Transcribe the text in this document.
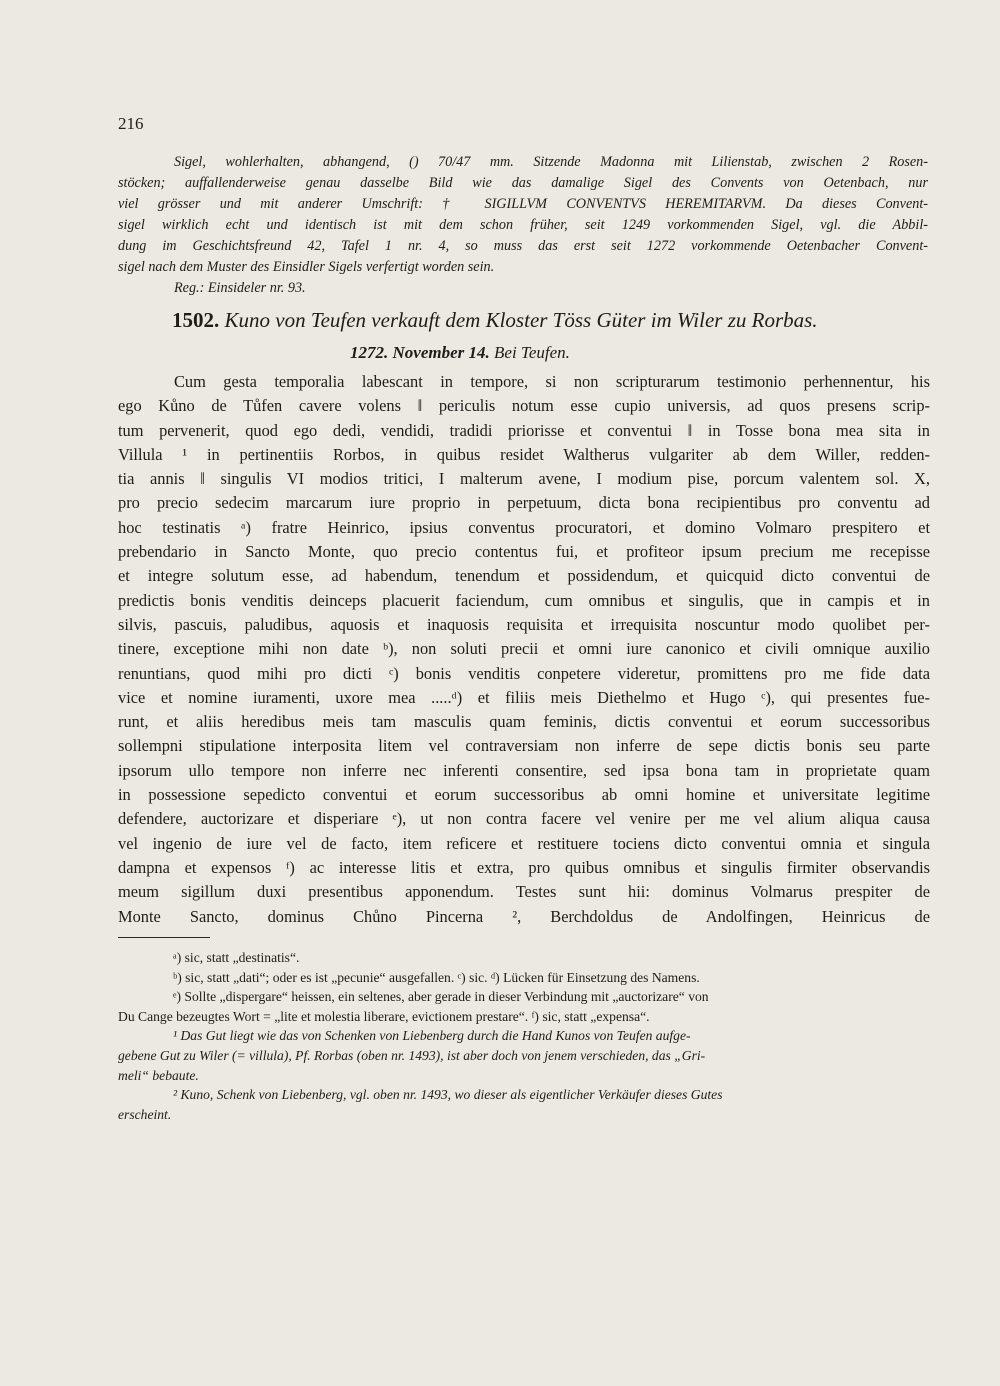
216
Sigel, wohlerhalten, abhangend, () 70/47 mm. Sitzende Madonna mit Lilienstab, zwischen 2 Rosen-
stöcken; auffallenderweise genau dasselbe Bild wie das damalige Sigel des Convents von Oetenbach, nur
viel grösser und mit anderer Umschrift: † SIGILLVM CONVENTVS HEREMITARVM. Da dieses Convent-
sigel wirklich echt und identisch ist mit dem schon früher, seit 1249 vorkommenden Sigel, vgl. die Abbil-
dung im Geschichtsfreund 42, Tafel 1 nr. 4, so muss das erst seit 1272 vorkommende Oetenbacher Convent-
sigel nach dem Muster des Einsidler Sigels verfertigt worden sein.
Reg.: Einsideler nr. 93.
1502. Kuno von Teufen verkauft dem Kloster Töss Güter im Wiler zu Rorbas.
1272. November 14. Bei Teufen.
Cum gesta temporalia labescant in tempore, si non scripturarum testimonio perhennentur, his
ego Kůno de Tůfen cavere volens ‖ periculis notum esse cupio universis, ad quos presens scrip-
tum pervenerit, quod ego dedi, vendidi, tradidi priorisse et conventui ‖ in Tosse bona mea sita in
Villula ¹ in pertinentiis Rorbos, in quibus residet Waltherus vulgariter ab dem Willer, redden-
tia annis ‖ singulis VI modios tritici, I malterum avene, I modium pise, porcum valentem sol. X,
pro precio sedecim marcarum iure proprio in perpetuum, dicta bona recipientibus pro conventu ad
hoc testinatis ᵃ) fratre Heinrico, ipsius conventus procuratori, et domino Volmaro prespitero et
prebendario in Sancto Monte, quo precio contentus fui, et profiteor ipsum precium me recepisse
et integre solutum esse, ad habendum, tenendum et possidendum, et quicquid dicto conventui de
predictis bonis venditis deinceps placuerit faciendum, cum omnibus et singulis, que in campis et in
silvis, pascuis, paludibus, aquosis et inaquosis requisita et irrequisita noscuntur modo quolibet per-
tinere, exceptione mihi non date ᵇ), non soluti precii et omni iure canonico et civili omnique auxilio
renuntians, quod mihi pro dicti ᶜ) bonis venditis conpetere videretur, promittens pro me fide data
vice et nomine iuramenti, uxore mea .....ᵈ) et filiis meis Diethelmo et Hugo ᶜ), qui presentes fue-
runt, et aliis heredibus meis tam masculis quam feminis, dictis conventui et eorum successoribus
sollempni stipulatione interposita litem vel contraversiam non inferre de sepe dictis bonis seu parte
ipsorum ullo tempore non inferre nec inferenti consentire, sed ipsa bona tam in proprietate quam
in possessione sepedicto conventui et eorum successoribus ab omni homine et universitate legitime
defendere, auctorizare et disperiare ᵉ), ut non contra facere vel venire per me vel alium aliqua causa
vel ingenio de iure vel de facto, item reficere et restituere tociens dicto conventui omnia et singula
dampna et expensos ᶠ) ac interesse litis et extra, pro quibus omnibus et singulis firmiter observandis
meum sigillum duxi presentibus apponendum. Testes sunt hii: dominus Volmarus prespiter de
Monte Sancto, dominus Chůno Pincerna ², Berchdoldus de Andolfingen, Heinricus de
ᵃ) sic, statt „destinatis“.
ᵇ) sic, statt „dati“; oder es ist „pecunie“ ausgefallen. ᶜ) sic. ᵈ) Lücken für Einsetzung des Namens.
ᵉ) Sollte „dispergare“ heissen, ein seltenes, aber gerade in dieser Verbindung mit „auctorizare“ von
Du Cange bezeugtes Wort = „lite et molestia liberare, evictionem prestare“. ᶠ) sic, statt „expensa“.
¹ Das Gut liegt wie das von Schenken von Liebenberg durch die Hand Kunos von Teufen aufge-
gebene Gut zu Wiler (= villula), Pf. Rorbas (oben nr. 1493), ist aber doch von jenem verschieden, das „Gri-
meli“ bebaute.
² Kuno, Schenk von Liebenberg, vgl. oben nr. 1493, wo dieser als eigentlicher Verkäufer dieses Gutes
erscheint.
